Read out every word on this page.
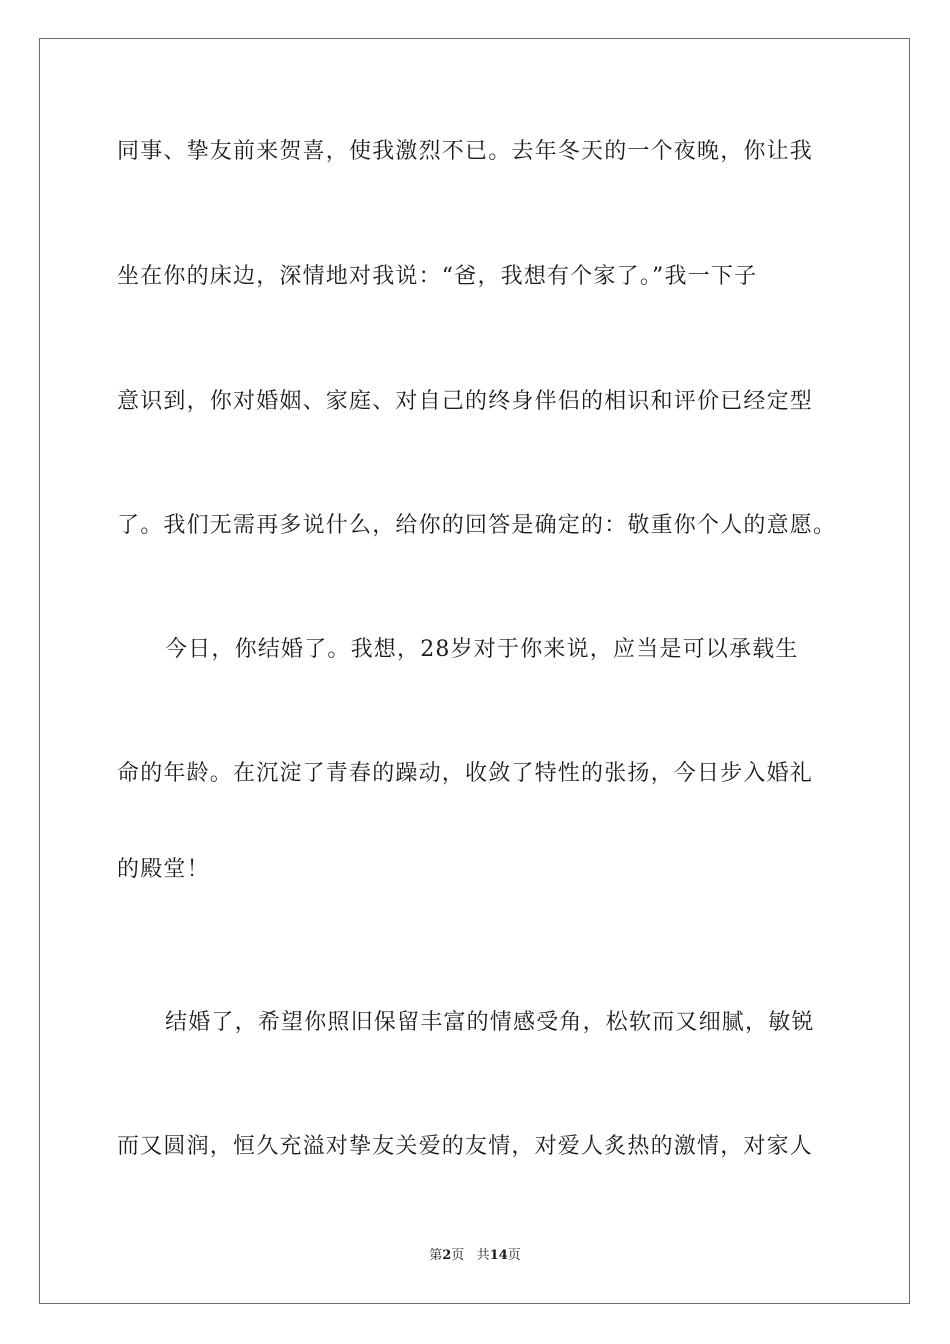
同事、挚友前来贺喜，使我激烈不已。去年冬天的一个夜晚，你让我
坐在你的床边，深情地对我说：“爸，我想有个家了。”我一下子
意识到，你对婚姻、家庭、对自己的终身伴侣的相识和评价已经定型
了。我们无需再多说什么，给你的回答是确定的：敬重你个人的意愿。
今日，你结婚了。我想，28岁对于你来说，应当是可以承载生
命的年龄。在沉淀了青春的躁动，收敛了特性的张扬，今日步入婚礼
的殿堂！
结婚了，希望你照旧保留丰富的情感受角，松软而又细腻，敏锐
而又圆润，恒久充溢对挚友关爱的友情，对爱人炙热的激情，对家人
第2页 共14页
